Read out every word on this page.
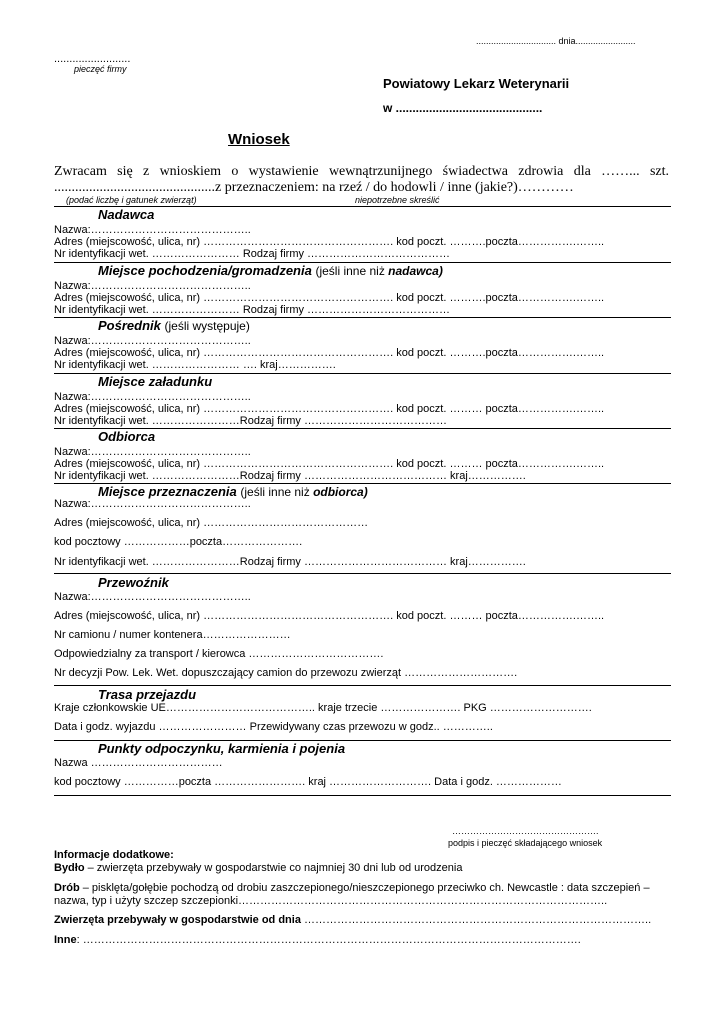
................................ dnia........................
.........................
pieczęć firmy
Powiatowy Lekarz Weterynarii
w ............................................
Wniosek
Zwracam się z wnioskiem o wystawienie wewnątrzunijnego świadectwa zdrowia dla ……... szt.
..............................................z przeznaczeniem: na rzeź / do hodowli / inne (jakie?)…………
(podać liczbę i gatunek zwierząt)	niepotrzebne skreślić
Nadawca
Nazwa:……………………………………..
Adres (miejscowość, ulica, nr) ……………………………………………. kod poczt. ……….poczta…………….……..
Nr identyfikacji wet. …………………… Rodzaj firmy …………………………………
Miejsce pochodzenia/gromadzenia (jeśli inne niż nadawca)
Nazwa:……………………………………..
Adres (miejscowość, ulica, nr) ……………………………………………. kod poczt. ……….poczta…………….……..
Nr identyfikacji wet. …………………… Rodzaj firmy …………………………………
Pośrednik (jeśli występuje)
Nazwa:……………………………………..
Adres (miejscowość, ulica, nr) ……………………………………………. kod poczt. ……….poczta…………….……..
Nr identyfikacji wet. …………………… …. kraj…………….
Miejsce załadunku
Nazwa:……………………………………..
Adres (miejscowość, ulica, nr) ……………………………………………. kod poczt. ……… poczta…………….……..
Nr identyfikacji wet. ……………………Rodzaj firmy …………………………………
Odbiorca
Nazwa:……………………………………..
Adres (miejscowość, ulica, nr) ……………………………………………. kod poczt. ……… poczta…………….……..
Nr identyfikacji wet. ……………………Rodzaj firmy ………………………………… kraj…………….
Miejsce przeznaczenia (jeśli inne niż odbiorca)
Nazwa:……………………………………..
Adres (miejscowość, ulica, nr) ………………………………………
kod pocztowy ………………poczta………………….
Nr identyfikacji wet. ……………………Rodzaj firmy ………………………………… kraj…………….
Przewoźnik
Nazwa:……………………………………..
Adres (miejscowość, ulica, nr) ……………………………………………. kod poczt. ……… poczta…………….……..
Nr camionu / numer kontenera……………………
Odpowiedzialny za transport / kierowca ……………………………….
Nr decyzji Pow. Lek. Wet. dopuszczający camion do przewozu zwierząt ………………………….
Trasa przejazdu
Kraje członkowskie UE………………………………….. kraje trzecie …………………. PKG ……………………….
Data i godz. wyjazdu …………………… Przewidywany czas przewozu w godz.. …………..
Punkty odpoczynku, karmienia i pojenia
Nazwa ………………………………
kod pocztowy ……………poczta ……………………. kraj ………………………. Data i godz. ………………
………………………………………….
podpis i pieczęć składającego wniosek
Informacje dodatkowe:
Bydło – zwierzęta przebywały w gospodarstwie co najmniej 30 dni lub od urodzenia
Drób – pisklęta/gołębie pochodzą od drobiu zaszczepionego/nieszczepionego przeciwko ch. Newcastle : data szczepień –
nazwa, typ i użyty szczep szczepionki………………………………………………………………………………………..
Zwierzęta przebywały w gospodarstwie od dnia …………………………………………………………………………………..
Inne: ……………………………………………………………………………………………………………………….
